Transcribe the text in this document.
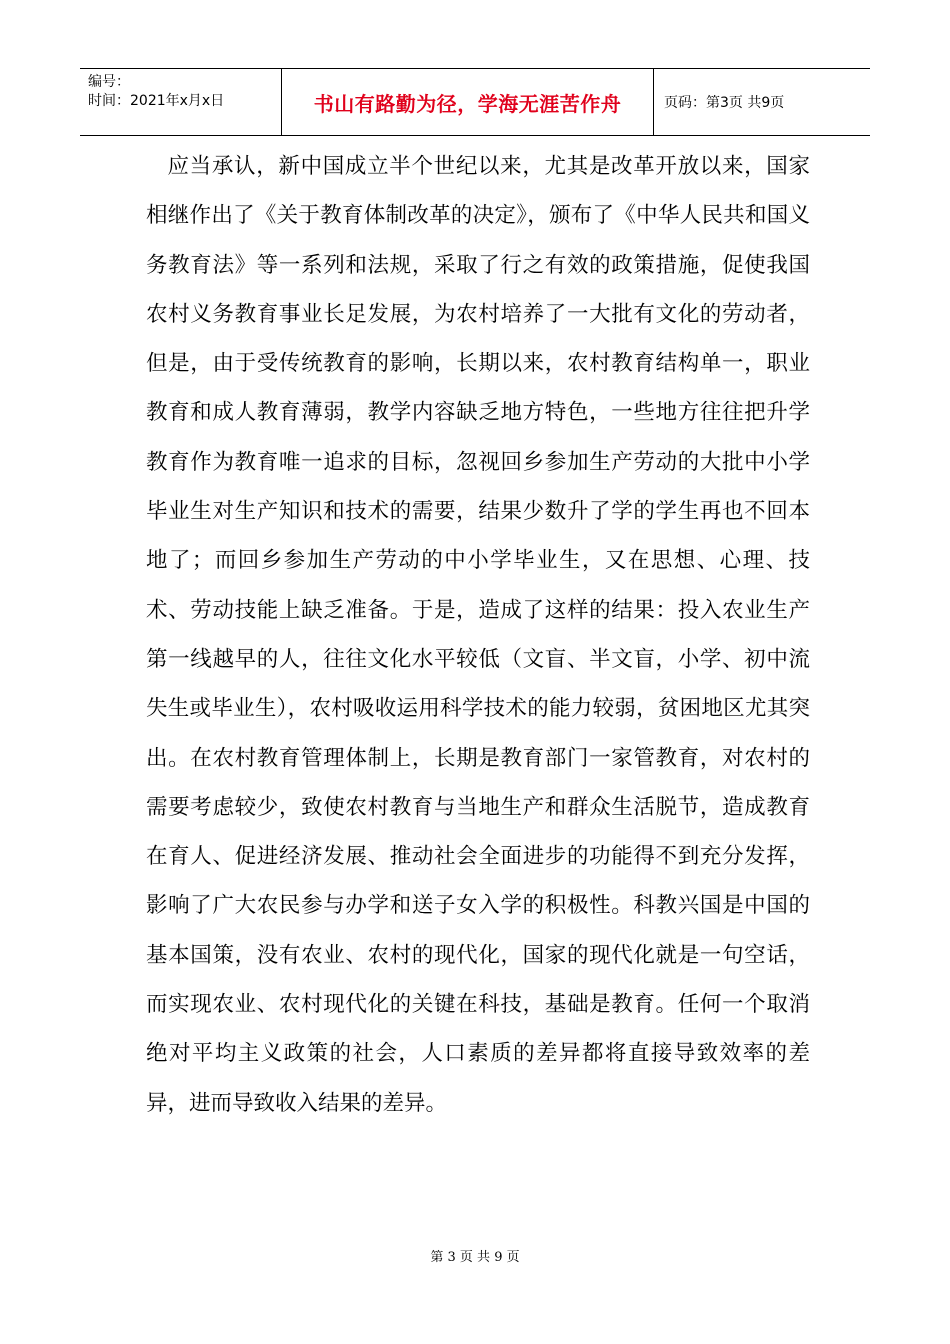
编号：
时间：2021年x月x日	书山有路勤为径，学海无涯苦作舟	页码：第3页 共9页

应当承认，新中国成立半个世纪以来，尤其是改革开放以来，国家相继作出了《关于教育体制改革的决定》，颁布了《中华人民共和国义务教育法》等一系列和法规，采取了行之有效的政策措施，促使我国农村义务教育事业长足发展，为农村培养了一大批有文化的劳动者，但是，由于受传统教育的影响，长期以来，农村教育结构单一，职业教育和成人教育薄弱，教学内容缺乏地方特色，一些地方往往把升学教育作为教育唯一追求的目标，忽视回乡参加生产劳动的大批中小学毕业生对生产知识和技术的需要，结果少数升了学的学生再也不回本地了；而回乡参加生产劳动的中小学毕业生，又在思想、心理、技术、劳动技能上缺乏准备。于是，造成了这样的结果：投入农业生产第一线越早的人，往往文化水平较低（文盲、半文盲，小学、初中流失生或毕业生），农村吸收运用科学技术的能力较弱，贫困地区尤其突出。在农村教育管理体制上，长期是教育部门一家管教育，对农村的需要考虑较少，致使农村教育与当地生产和群众生活脱节，造成教育在育人、促进经济发展、推动社会全面进步的功能得不到充分发挥，影响了广大农民参与办学和送子女入学的积极性。科教兴国是中国的基本国策，没有农业、农村的现代化，国家的现代化就是一句空话，而实现农业、农村现代化的关键在科技，基础是教育。任何一个取消绝对平均主义政策的社会，人口素质的差异都将直接导致效率的差异，进而导致收入结果的差异。

第 3 页 共 9 页
